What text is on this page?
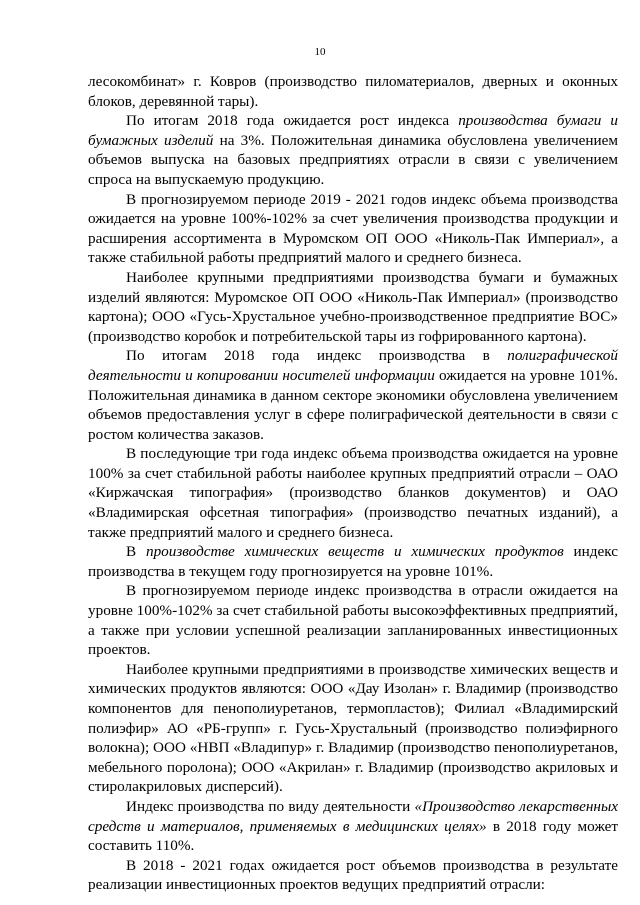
10

лесокомбинат» г. Ковров (производство пиломатериалов, дверных и оконных блоков, деревянной тары).

По итогам 2018 года ожидается рост индекса производства бумаги и бумажных изделий на 3%. Положительная динамика обусловлена увеличением объемов выпуска на базовых предприятиях отрасли в связи с увеличением спроса на выпускаемую продукцию.

В прогнозируемом периоде 2019 - 2021 годов индекс объема производства ожидается на уровне 100%-102% за счет увеличения производства продукции и расширения ассортимента в Муромском ОП ООО «Николь-Пак Империал», а также стабильной работы предприятий малого и среднего бизнеса.

Наиболее крупными предприятиями производства бумаги и бумажных изделий являются: Муромское ОП ООО «Николь-Пак Империал» (производство картона); ООО «Гусь-Хрустальное учебно-производственное предприятие ВОС» (производство коробок и потребительской тары из гофрированного картона).

По итогам 2018 года индекс производства в полиграфической деятельности и копировании носителей информации ожидается на уровне 101%. Положительная динамика в данном секторе экономики обусловлена увеличением объемов предоставления услуг в сфере полиграфической деятельности в связи с ростом количества заказов.

В последующие три года индекс объема производства ожидается на уровне 100% за счет стабильной работы наиболее крупных предприятий отрасли – ОАО «Киржачская типография» (производство бланков документов) и ОАО «Владимирская офсетная типография» (производство печатных изданий), а также предприятий малого и среднего бизнеса.

В производстве химических веществ и химических продуктов индекс производства в текущем году прогнозируется на уровне 101%.

В прогнозируемом периоде индекс производства в отрасли ожидается на уровне 100%-102% за счет стабильной работы высокоэффективных предприятий, а также при условии успешной реализации запланированных инвестиционных проектов.

Наиболее крупными предприятиями в производстве химических веществ и химических продуктов являются: ООО «Дау Изолан» г. Владимир (производство компонентов для пенополиуретанов, термопластов); Филиал «Владимирский полиэфир» АО «РБ-групп» г. Гусь-Хрустальный (производство полиэфирного волокна); ООО «НВП «Владипур» г. Владимир (производство пенополиуретанов, мебельного поролона); ООО «Акрилан» г. Владимир (производство акриловых и стиролакриловых дисперсий).

Индекс производства по виду деятельности «Производство лекарственных средств и материалов, применяемых в медицинских целях» в 2018 году может составить 110%.

В 2018 - 2021 годах ожидается рост объемов производства в результате реализации инвестиционных проектов ведущих предприятий отрасли:
